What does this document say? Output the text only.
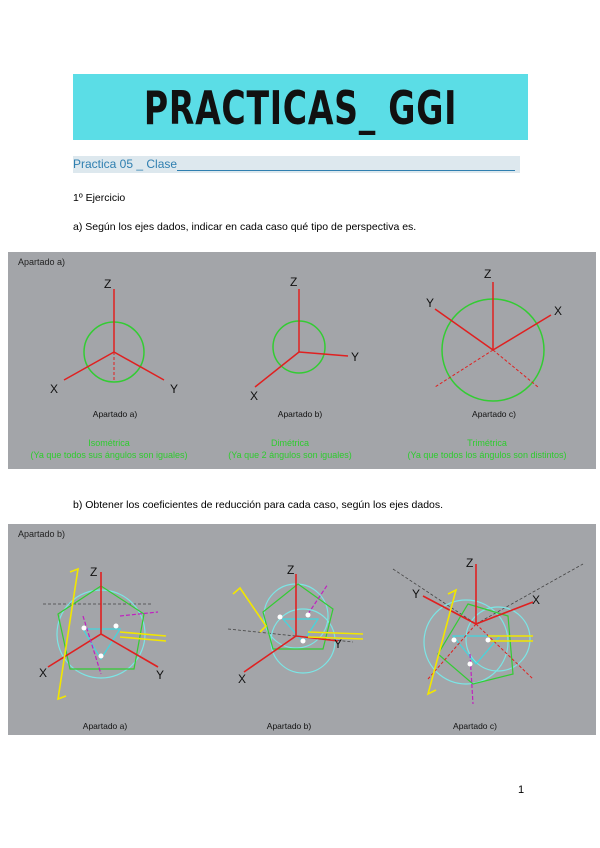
PRACTICAS_ GGI
Practica 05 _ Clase
1º Ejercicio
a) Según los ejes dados, indicar en cada caso qué tipo de perspectiva es.
Z
X	Y
Z
X
Y
Z
Y
X
Apartado a)
Apartado a)	Apartado b)	Apartado c)
Isométrica
(Ya que todos sus ángulos son iguales)
Dimétrica
(Ya que 2 ángulos son iguales)
Trimétrica
(Ya que todos los ángulos son distintos)
b) Obtener los coeficientes de reducción para cada caso, según los ejes dados.
Z
X	Y
Z
X
Y
Z
Y	X
Apartado b)
Apartado a)	Apartado b)	Apartado c)
1
